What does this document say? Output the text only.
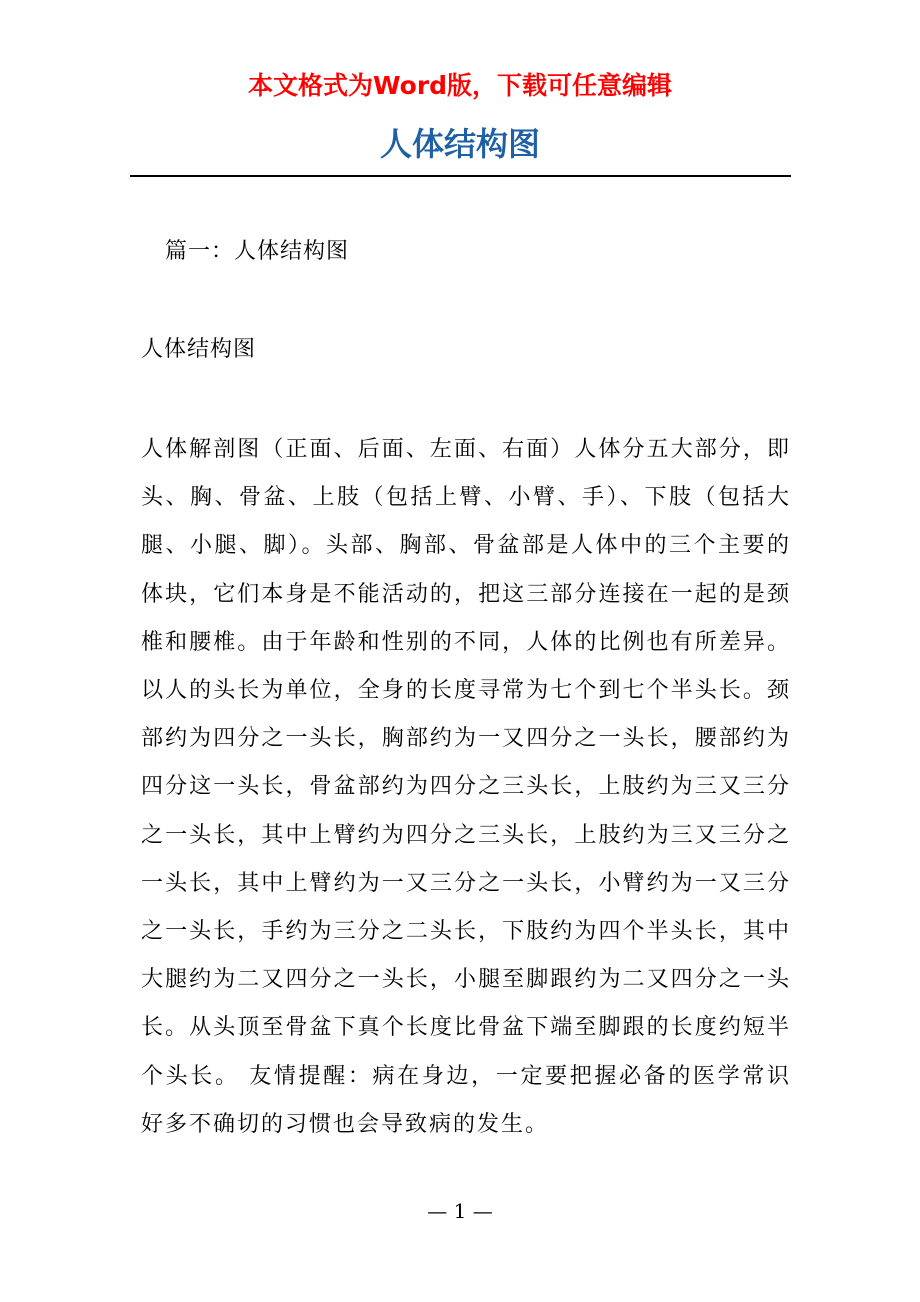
本文格式为Word版，下载可任意编辑
人体结构图
篇一：人体结构图
人体结构图

人体解剖图（正面、后面、左面、右面）人体分五大部分，即头、胸、骨盆、上肢（包括上臂、小臂、手）、下肢（包括大腿、小腿、脚）。头部、胸部、骨盆部是人体中的三个主要的体块，它们本身是不能活动的，把这三部分连接在一起的是颈椎和腰椎。由于年龄和性别的不同，人体的比例也有所差异。以人的头长为单位，全身的长度寻常为七个到七个半头长。颈部约为四分之一头长，胸部约为一又四分之一头长，腰部约为四分这一头长，骨盆部约为四分之三头长，上肢约为三又三分之一头长，其中上臂约为四分之三头长，上肢约为三又三分之一头长，其中上臂约为一又三分之一头长，小臂约为一又三分之一头长，手约为三分之二头长，下肢约为四个半头长，其中大腿约为二又四分之一头长，小腿至脚跟约为二又四分之一头长。从头顶至骨盆下真个长度比骨盆下端至脚跟的长度约短半个头长。 友情提醒：病在身边，一定要把握必备的医学常识 好多不确切的习惯也会导致病的发生。

— 1 —
